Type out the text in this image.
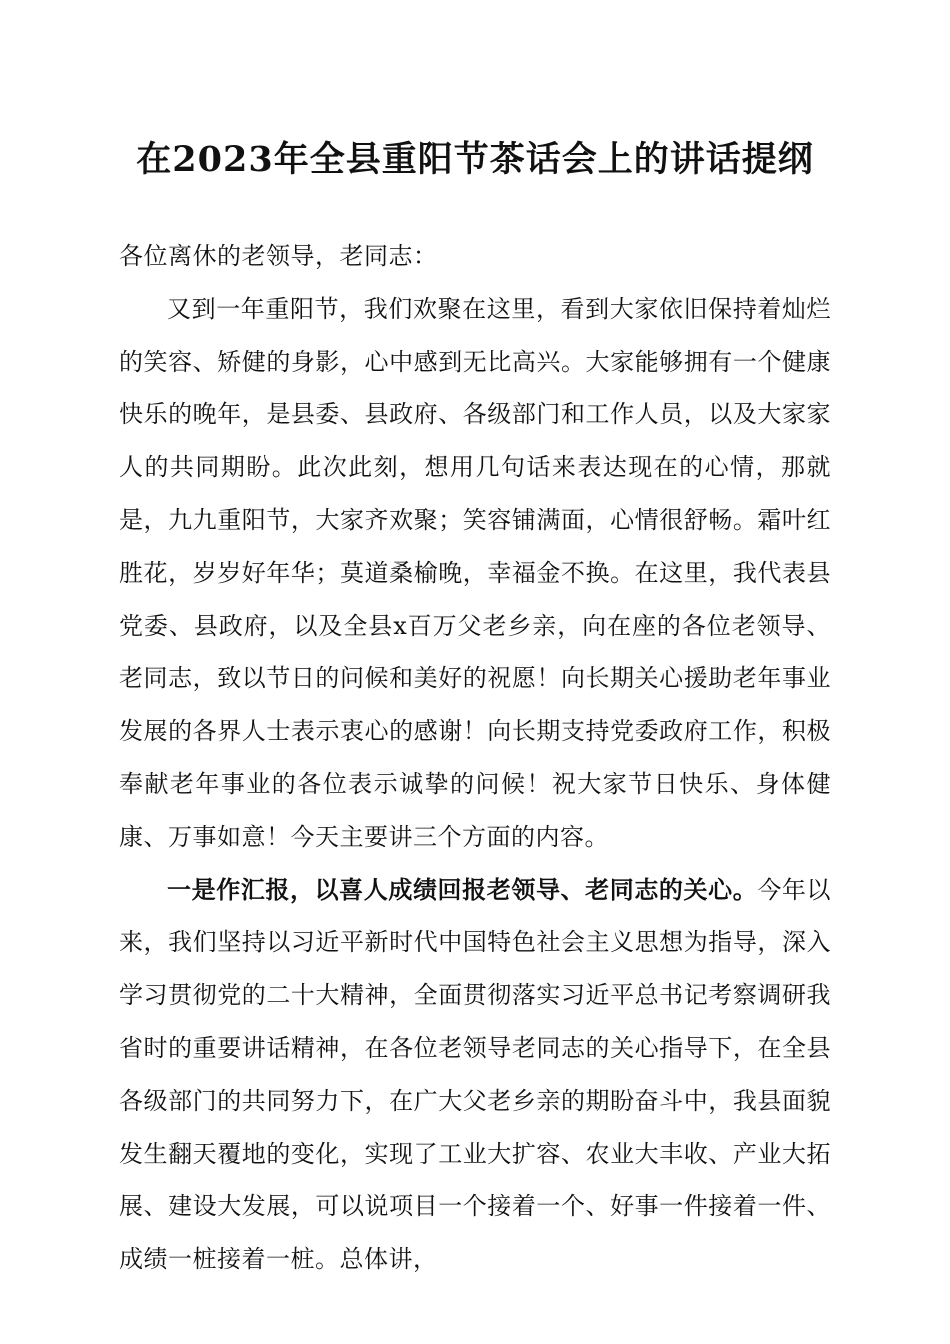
在2023年全县重阳节茶话会上的讲话提纲

各位离休的老领导，老同志：

又到一年重阳节，我们欢聚在这里，看到大家依旧保持着灿烂的笑容、矫健的身影，心中感到无比高兴。大家能够拥有一个健康快乐的晚年，是县委、县政府、各级部门和工作人员，以及大家家人的共同期盼。此次此刻，想用几句话来表达现在的心情，那就是，九九重阳节，大家齐欢聚；笑容铺满面，心情很舒畅。霜叶红胜花，岁岁好年华；莫道桑榆晚，幸福金不换。在这里，我代表县党委、县政府，以及全县x百万父老乡亲，向在座的各位老领导、老同志，致以节日的问候和美好的祝愿！向长期关心援助老年事业发展的各界人士表示衷心的感谢！向长期支持党委政府工作，积极奉献老年事业的各位表示诚挚的问候！祝大家节日快乐、身体健康、万事如意！今天主要讲三个方面的内容。

一是作汇报，以喜人成绩回报老领导、老同志的关心。今年以来，我们坚持以习近平新时代中国特色社会主义思想为指导，深入学习贯彻党的二十大精神，全面贯彻落实习近平总书记考察调研我省时的重要讲话精神，在各位老领导老同志的关心指导下，在全县各级部门的共同努力下，在广大父老乡亲的期盼奋斗中，我县面貌发生翻天覆地的变化，实现了工业大扩容、农业大丰收、产业大拓展、建设大发展，可以说项目一个接着一个、好事一件接着一件、成绩一桩接着一桩。总体讲，
